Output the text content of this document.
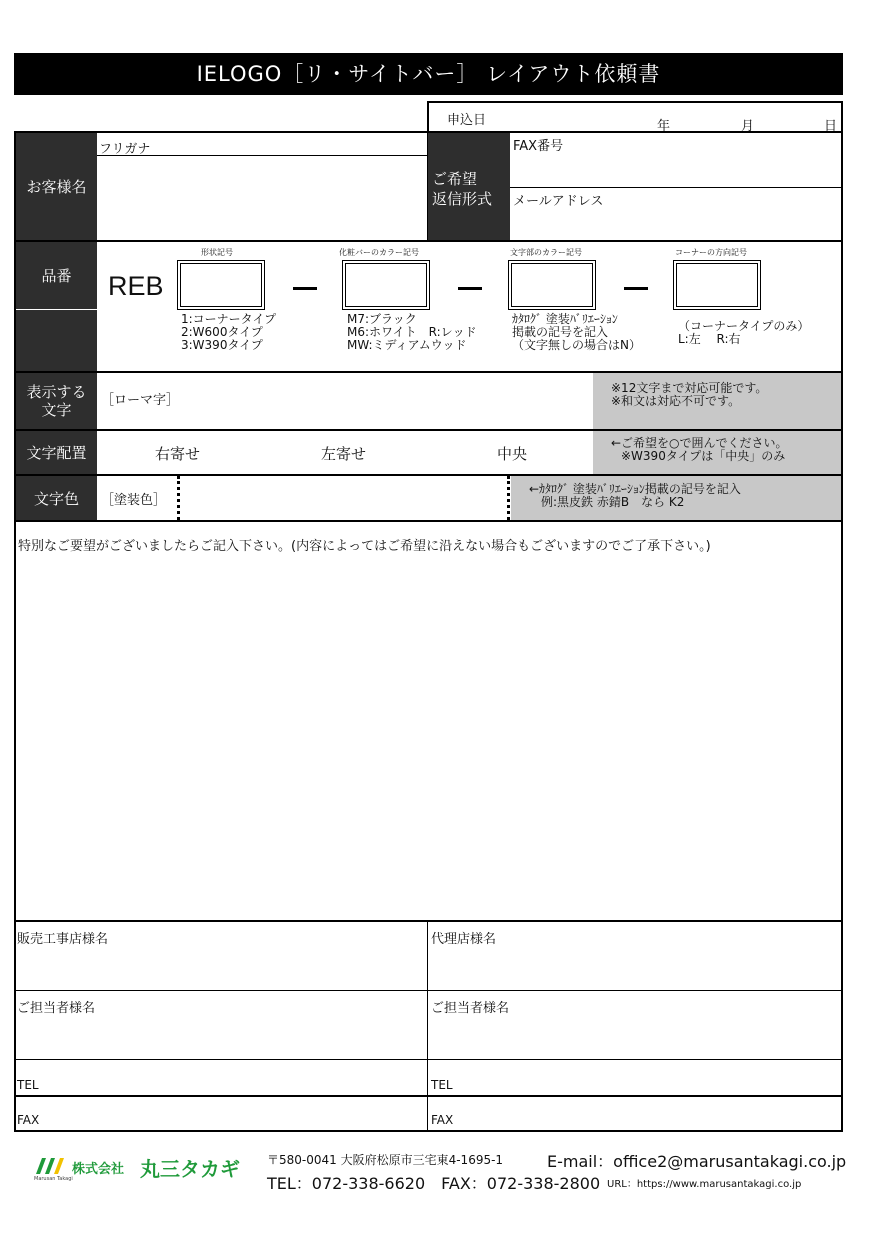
IELOGO［リ・サイトバー］ レイアウト依頼書
申込日	年	月	日
お客様名
フリガナ
ご希望
返信形式
FAX番号
メールアドレス
品番	REB
形状記号	化粧バーのカラー記号	文字部のカラー記号	コーナーの方向記号
1:コーナータイプ
2:W600タイプ
3:W390タイプ
M7:ブラック
M6:ホワイト　R:レッド
MW:ミディアムウッド
ｶﾀﾛｸﾞ 塗装ﾊﾞﾘｴｰｼｮﾝ
掲載の記号を記入
（文字無しの場合はN）
（コーナータイプのみ）
L:左　 R:右
表示する
文字
［ローマ字］
※12文字まで対応可能です。
※和文は対応不可です。
文字配置	右寄せ	左寄せ	中央
←ご希望を○で囲んでください。
※W390タイプは「中央」のみ
文字色	［塗装色］
←ｶﾀﾛｸﾞ 塗装ﾊﾞﾘｴｰｼｮﾝ掲載の記号を記入
例:黒皮鉄 赤錆B　なら K2
特別なご要望がございましたらご記入下さい。(内容によってはご希望に沿えない場合もございますのでご了承下さい。)
販売工事店様名	代理店様名
ご担当者様名	ご担当者様名
TEL	TEL
FAX	FAX
Marusan Takagi
株式会社 丸三タカギ 〒580-0041 大阪府松原市三宅東4-1695-1	E-mail：office2@marusantakagi.co.jp
TEL：072-338-6620　FAX：072-338-2800 URL：https://www.marusantakagi.co.jp
